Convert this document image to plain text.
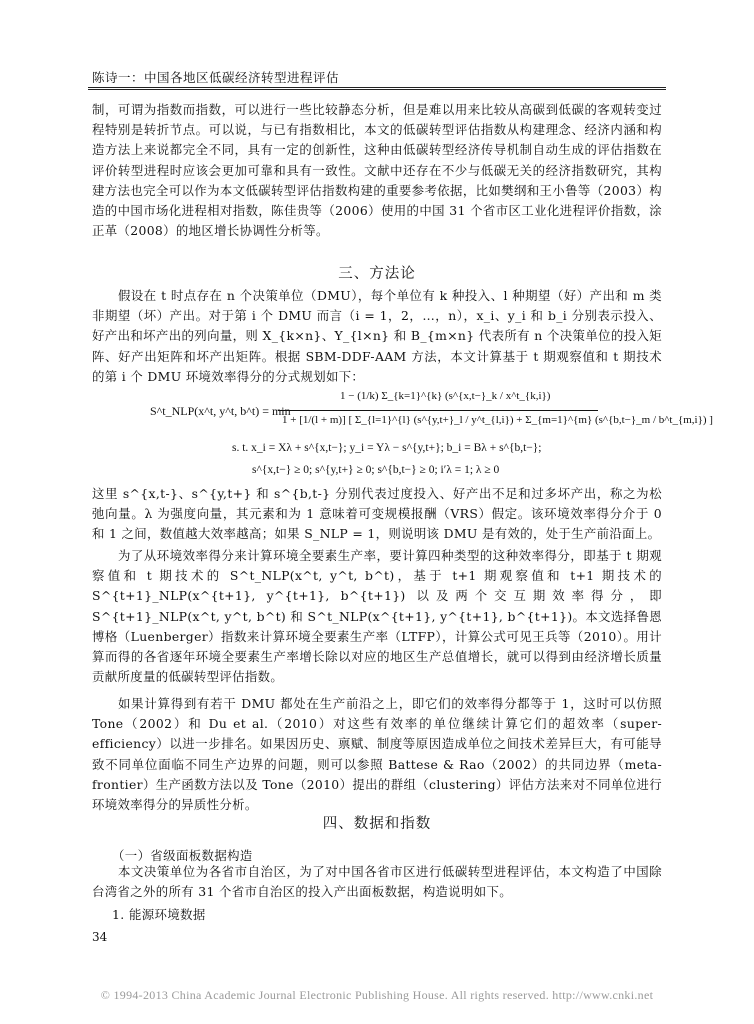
陈诗一：中国各地区低碳经济转型进程评估

制，可谓为指数而指数，可以进行一些比较静态分析，但是难以用来比较从高碳到低碳的客观转变过程特别是转折节点。可以说，与已有指数相比，本文的低碳转型评估指数从构建理念、经济内涵和构造方法上来说都完全不同，具有一定的创新性，这种由低碳转型经济传导机制自动生成的评估指数在评价转型进程时应该会更加可靠和具有一致性。文献中还存在不少与低碳无关的经济指数研究，其构建方法也完全可以作为本文低碳转型评估指数构建的重要参考依据，比如樊纲和王小鲁等（2003）构造的中国市场化进程相对指数，陈佳贵等（2006）使用的中国 31 个省市区工业化进程评价指数，涂正革（2008）的地区增长协调性分析等。

三、方法论

假设在 t 时点存在 n 个决策单位（DMU），每个单位有 k 种投入、l 种期望（好）产出和 m 类非期望（坏）产出。对于第 i 个 DMU 而言（i = 1，2，…，n），x_i、y_i 和 b_i 分别表示投入、好产出和坏产出的列向量，则 X_{k×n}、Y_{l×n} 和 B_{m×n} 代表所有 n 个决策单位的投入矩阵、好产出矩阵和坏产出矩阵。根据 SBM-DDF-AAM 方法，本文计算基于 t 期观察值和 t 期技术的第 i 个 DMU 环境效率得分的分式规划如下：

S^t_NLP(x^t, y^t, b^t) = min
1 − (1/k) Σ_{k=1}^{k} (s^{x,t−}_k / x^t_{k,i})
1 + [1/(l + m)] [ Σ_{l=1}^{l} (s^{y,t+}_l / y^t_{l,i}) + Σ_{m=1}^{m} (s^{b,t−}_m / b^t_{m,i}) ]
s. t. x_i = Xλ + s^{x,t−}; y_i = Yλ − s^{y,t+}; b_i = Bλ + s^{b,t−};
s^{x,t−} ≥ 0; s^{y,t+} ≥ 0; s^{b,t−} ≥ 0; i′λ = 1; λ ≥ 0

这里 s^{x,t-}、s^{y,t+} 和 s^{b,t-} 分别代表过度投入、好产出不足和过多坏产出，称之为松弛向量。λ 为强度向量，其元素和为 1 意味着可变规模报酬（VRS）假定。该环境效率得分介于 0 和 1 之间，数值越大效率越高；如果 S_NLP = 1，则说明该 DMU 是有效的，处于生产前沿面上。

为了从环境效率得分来计算环境全要素生产率，要计算四种类型的这种效率得分，即基于 t 期观察值和 t 期技术的 S^t_NLP(x^t, y^t, b^t)，基于 t+1 期观察值和 t+1 期技术的 S^{t+1}_NLP(x^{t+1}, y^{t+1}, b^{t+1}) 以及两个交互期效率得分，即 S^{t+1}_NLP(x^t, y^t, b^t) 和 S^t_NLP(x^{t+1}, y^{t+1}, b^{t+1})。本文选择鲁恩博格（Luenberger）指数来计算环境全要素生产率（LTFP），计算公式可见王兵等（2010）。用计算而得的各省逐年环境全要素生产率增长除以对应的地区生产总值增长，就可以得到由经济增长质量贡献所度量的低碳转型评估指数。

如果计算得到有若干 DMU 都处在生产前沿之上，即它们的效率得分都等于 1，这时可以仿照 Tone（2002）和 Du et al.（2010）对这些有效率的单位继续计算它们的超效率（super-efficiency）以进一步排名。如果因历史、禀赋、制度等原因造成单位之间技术差异巨大，有可能导致不同单位面临不同生产边界的问题，则可以参照 Battese & Rao（2002）的共同边界（meta-frontier）生产函数方法以及 Tone（2010）提出的群组（clustering）评估方法来对不同单位进行环境效率得分的异质性分析。

四、数据和指数
（一）省级面板数据构造

本文决策单位为各省市自治区，为了对中国各省市区进行低碳转型进程评估，本文构造了中国除台湾省之外的所有 31 个省市自治区的投入产出面板数据，构造说明如下。

1. 能源环境数据
34
© 1994-2013 China Academic Journal Electronic Publishing House. All rights reserved. http://www.cnki.net
